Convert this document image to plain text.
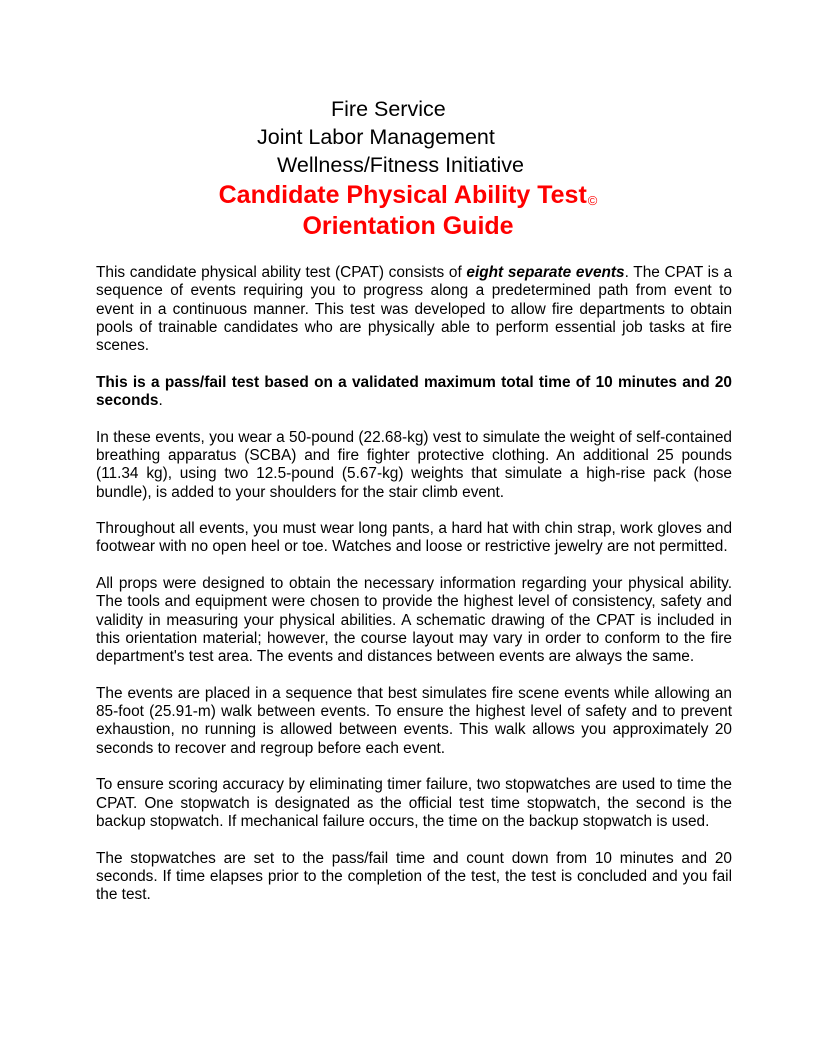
Fire Service
Joint Labor Management
Wellness/Fitness Initiative
Candidate Physical Ability Test©
Orientation Guide

This candidate physical ability test (CPAT) consists of eight separate events. The CPAT is a sequence of events requiring you to progress along a predetermined path from event to event in a continuous manner. This test was developed to allow fire departments to obtain pools of trainable candidates who are physically able to perform essential job tasks at fire scenes.

This is a pass/fail test based on a validated maximum total time of 10 minutes and 20 seconds.

In these events, you wear a 50-pound (22.68-kg) vest to simulate the weight of self-contained breathing apparatus (SCBA) and fire fighter protective clothing. An additional 25 pounds (11.34 kg), using two 12.5-pound (5.67-kg) weights that simulate a high-rise pack (hose bundle), is added to your shoulders for the stair climb event.

Throughout all events, you must wear long pants, a hard hat with chin strap, work gloves and footwear with no open heel or toe. Watches and loose or restrictive jewelry are not permitted.

All props were designed to obtain the necessary information regarding your physical ability. The tools and equipment were chosen to provide the highest level of consistency, safety and validity in measuring your physical abilities. A schematic drawing of the CPAT is included in this orientation material; however, the course layout may vary in order to conform to the fire department's test area. The events and distances between events are always the same.

The events are placed in a sequence that best simulates fire scene events while allowing an 85-foot (25.91-m) walk between events. To ensure the highest level of safety and to prevent exhaustion, no running is allowed between events. This walk allows you approximately 20 seconds to recover and regroup before each event.

To ensure scoring accuracy by eliminating timer failure, two stopwatches are used to time the CPAT. One stopwatch is designated as the official test time stopwatch, the second is the backup stopwatch. If mechanical failure occurs, the time on the backup stopwatch is used.

The stopwatches are set to the pass/fail time and count down from 10 minutes and 20 seconds. If time elapses prior to the completion of the test, the test is concluded and you fail the test.
